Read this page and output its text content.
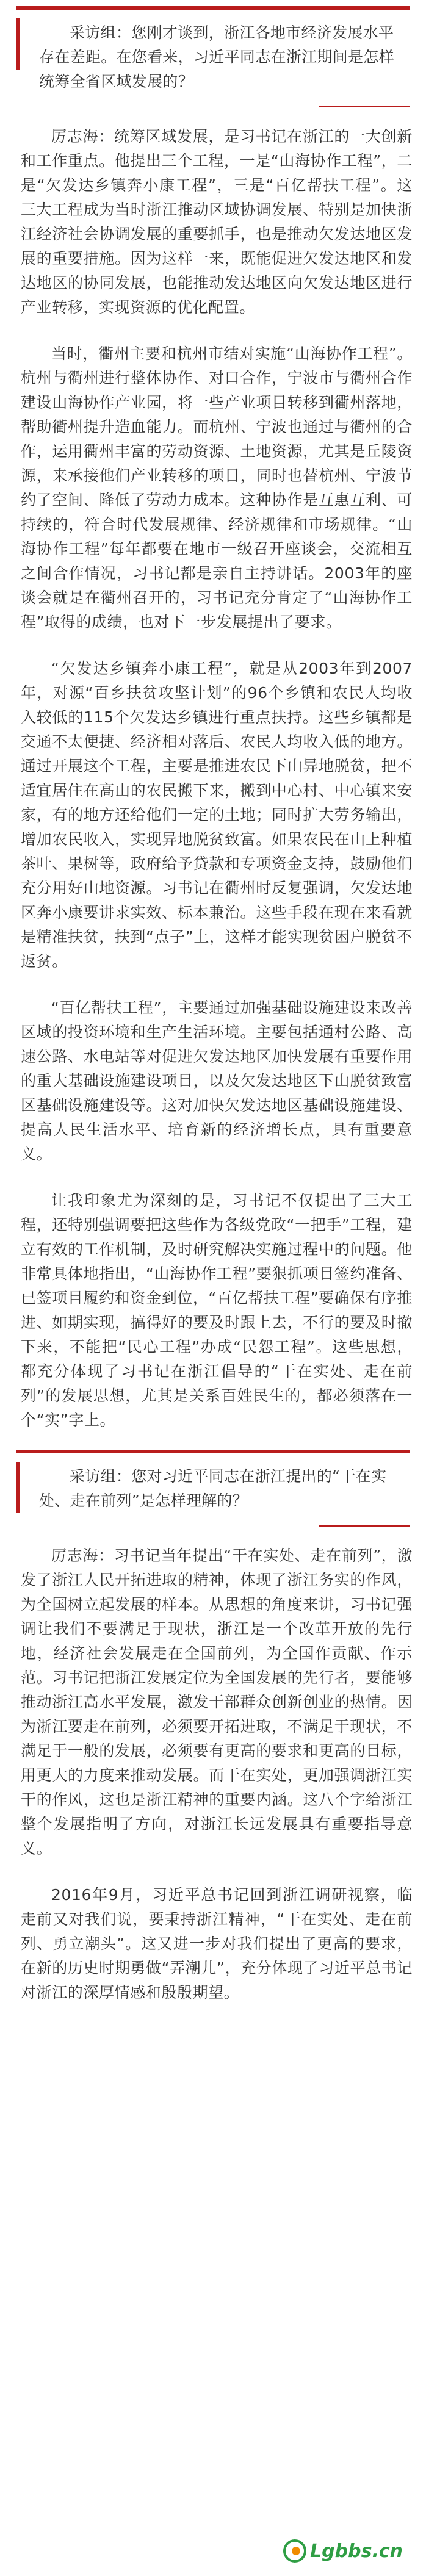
采访组：您刚才谈到，浙江各地市经济发展水平存在差距。在您看来，习近平同志在浙江期间是怎样统筹全省区域发展的？

厉志海：统筹区域发展，是习书记在浙江的一大创新和工作重点。他提出三个工程，一是“山海协作工程”，二是“欠发达乡镇奔小康工程”，三是“百亿帮扶工程”。这三大工程成为当时浙江推动区域协调发展、特别是加快浙江经济社会协调发展的重要抓手，也是推动欠发达地区发展的重要措施。因为这样一来，既能促进欠发达地区和发达地区的协同发展，也能推动发达地区向欠发达地区进行产业转移，实现资源的优化配置。

当时，衢州主要和杭州市结对实施“山海协作工程”。杭州与衢州进行整体协作、对口合作，宁波市与衢州合作建设山海协作产业园，将一些产业项目转移到衢州落地，帮助衢州提升造血能力。而杭州、宁波也通过与衢州的合作，运用衢州丰富的劳动资源、土地资源，尤其是丘陵资源，来承接他们产业转移的项目，同时也替杭州、宁波节约了空间、降低了劳动力成本。这种协作是互惠互利、可持续的，符合时代发展规律、经济规律和市场规律。“山海协作工程”每年都要在地市一级召开座谈会，交流相互之间合作情况，习书记都是亲自主持讲话。2003年的座谈会就是在衢州召开的，习书记充分肯定了“山海协作工程”取得的成绩，也对下一步发展提出了要求。

“欠发达乡镇奔小康工程”，就是从2003年到2007年，对源“百乡扶贫攻坚计划”的96个乡镇和农民人均收入较低的115个欠发达乡镇进行重点扶持。这些乡镇都是交通不太便捷、经济相对落后、农民人均收入低的地方。通过开展这个工程，主要是推进农民下山异地脱贫，把不适宜居住在高山的农民搬下来，搬到中心村、中心镇来安家，有的地方还给他们一定的土地；同时扩大劳务输出，增加农民收入，实现异地脱贫致富。如果农民在山上种植茶叶、果树等，政府给予贷款和专项资金支持，鼓励他们充分用好山地资源。习书记在衢州时反复强调，欠发达地区奔小康要讲求实效、标本兼治。这些手段在现在来看就是精准扶贫，扶到“点子”上，这样才能实现贫困户脱贫不返贫。

“百亿帮扶工程”，主要通过加强基础设施建设来改善区域的投资环境和生产生活环境。主要包括通村公路、高速公路、水电站等对促进欠发达地区加快发展有重要作用的重大基础设施建设项目，以及欠发达地区下山脱贫致富区基础设施建设等。这对加快欠发达地区基础设施建设、提高人民生活水平、培育新的经济增长点，具有重要意义。

让我印象尤为深刻的是，习书记不仅提出了三大工程，还特别强调要把这些作为各级党政“一把手”工程，建立有效的工作机制，及时研究解决实施过程中的问题。他非常具体地指出，“山海协作工程”要狠抓项目签约准备、已签项目履约和资金到位，“百亿帮扶工程”要确保有序推进、如期实现，搞得好的要及时跟上去，不行的要及时撤下来，不能把“民心工程”办成“民怨工程”。这些思想，都充分体现了习书记在浙江倡导的“干在实处、走在前列”的发展思想，尤其是关系百姓民生的，都必须落在一个“实”字上。

采访组：您对习近平同志在浙江提出的“干在实处、走在前列”是怎样理解的？

厉志海：习书记当年提出“干在实处、走在前列”，激发了浙江人民开拓进取的精神，体现了浙江务实的作风，为全国树立起发展的样本。从思想的角度来讲，习书记强调让我们不要满足于现状，浙江是一个改革开放的先行地，经济社会发展走在全国前列，为全国作贡献、作示范。习书记把浙江发展定位为全国发展的先行者，要能够推动浙江高水平发展，激发干部群众创新创业的热情。因为浙江要走在前列，必须要开拓进取，不满足于现状，不满足于一般的发展，必须要有更高的要求和更高的目标，用更大的力度来推动发展。而干在实处，更加强调浙江实干的作风，这也是浙江精神的重要内涵。这八个字给浙江整个发展指明了方向，对浙江长远发展具有重要指导意义。

2016年9月，习近平总书记回到浙江调研视察，临走前又对我们说，要秉持浙江精神，“干在实处、走在前列、勇立潮头”。这又进一步对我们提出了更高的要求，在新的历史时期勇做“弄潮儿”，充分体现了习近平总书记对浙江的深厚情感和殷殷期望。

Lgbbs.cn
